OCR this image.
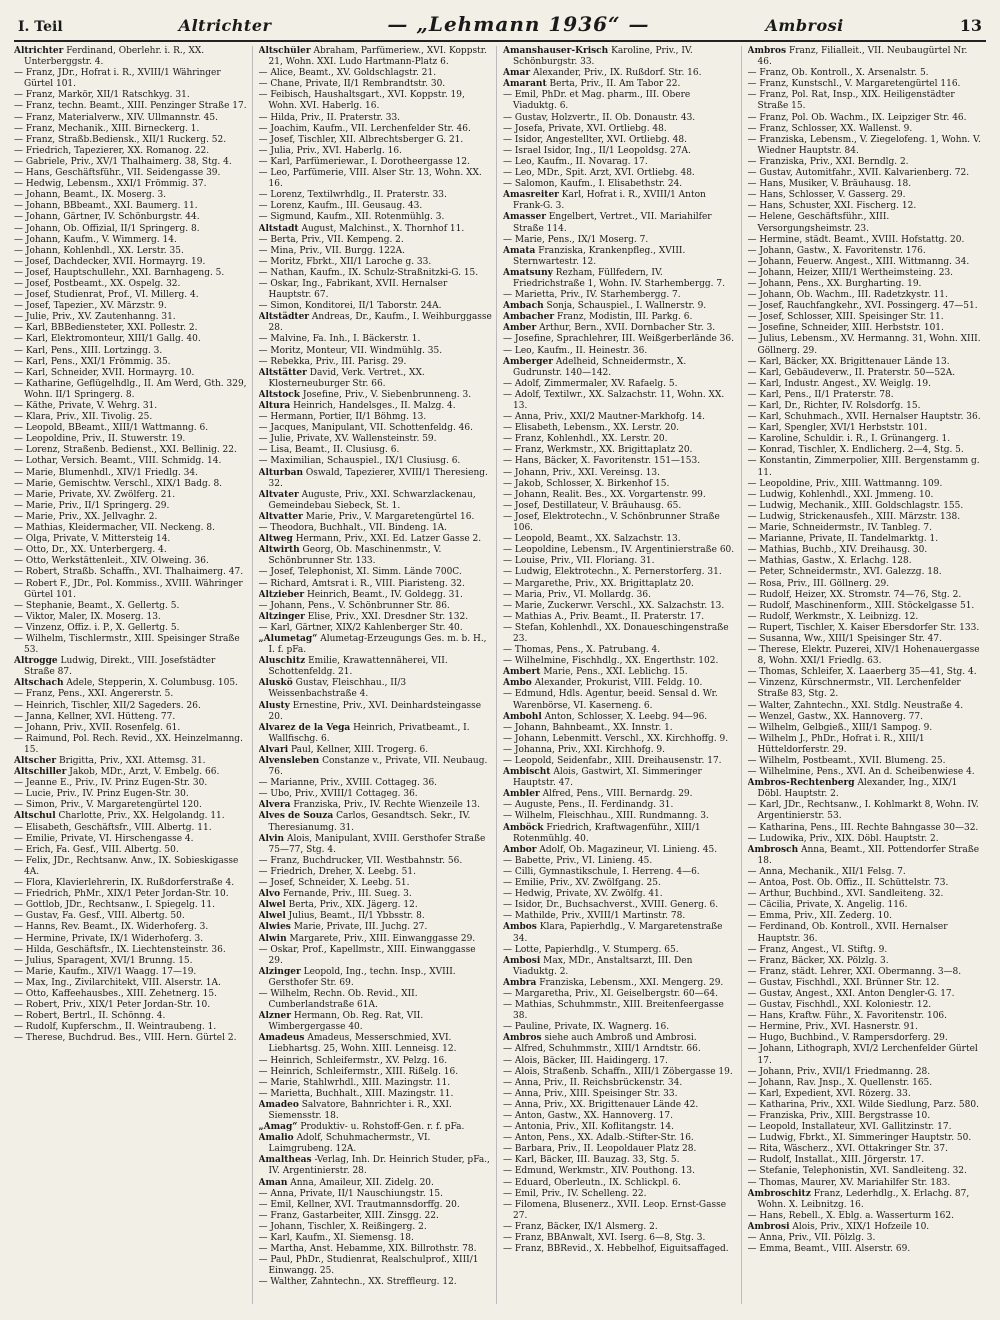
I. Teil	Altrichter	— „Lehmann 1936“ —	Ambrosi	13

Altrichter Ferdinand, Oberlehr. i. R., XX. Unterberggstr. 4.

— Franz, JDr., Hofrat i. R., XVIII/1 Währinger Gürtel 101.

— Franz, Markör, XII/1 Ratschkyg. 31.

— Franz, techn. Beamt., XIII. Penzinger Straße 17.

— Franz, Materialverw., XIV. Ullmannstr. 45.

— Franz, Mechanik., XIII. Birneckerg. 1.

— Franz, Straßb.Bediensk., XII/1 Ruckerg. 52.

— Friedrich, Tapezierer, XX. Romanog. 22.

— Gabriele, Priv., XV/1 Thalhaimerg. 38, Stg. 4.

— Hans, Geschäftsführ., VII. Seidengasse 39.

— Hedwig, Lebensm., XXI/1 Frömmig. 37.

— Johann, Beamt., IX. Moserg. 3.

— Johann, BBbeamt., XXI. Baumerg. 11.

— Johann, Gärtner, IV. Schönburgstr. 44.

— Johann, Ob. Offizial, II/1 Springerg. 8.

— Johann, Kaufm., V. Wimmerg. 14.

— Johann, Kohlenhdl., XX. Lerstr. 35.

— Josef, Dachdecker, XVII. Hormayrg. 19.

— Josef, Hauptschullehr., XXI. Barnhageng. 5.

— Josef, Postbeamt., XX. Ospelg. 32.

— Josef, Studienrat, Prof., VI. Millerg. 4.

— Josef, Tapezier., XV. Märzstr. 9.

— Julie, Priv., XV. Zautenhanng. 31.

— Karl, BBBediensteter, XXI. Pollestr. 2.

— Karl, Elektromonteur, XIII/1 Gallg. 40.

— Karl, Pens., XIII. Lortzingg. 3.

— Karl, Pens., XXI/1 Frömmig. 35.

— Karl, Schneider, XVII. Hormayrg. 10.

— Katharine, Geflügelhdlg., II. Am Werd, Gth. 329, Wohn. II/1 Springerg. 8.

— Käthe, Private, V. Wehrg. 31.

— Klara, Priv., XII. Tivolig. 25.

— Leopold, BBeamt., XIII/1 Wattmanng. 6.

— Leopoldine, Priv., II. Stuwerstr. 19.

— Lorenz, Straßenb. Bedienst., XXI. Bellinig. 22.

— Lothar, Versich. Beamt., VIII. Schmidg. 14.

— Marie, Blumenhdl., XIV/1 Friedlg. 34.

— Marie, Gemischtw. Verschl., XIX/1 Badg. 8.

— Marie, Private, XV. Zwölferg. 21.

— Marie, Priv., II/1 Springerg. 29.

— Marie, Priv., XX. Jellvaghr. 2.

— Mathias, Kleidermacher, VII. Neckeng. 8.

— Olga, Private, V. Mittersteig 14.

— Otto, Dr., XX. Unterbergerg. 4.

— Otto, Werkstättenleit., XIV. Olweing. 36.

— Robert, Straßb. Schaffn., XVI. Thalhaimerg. 47.

— Robert F., JDr., Pol. Kommiss., XVIII. Währinger Gürtel 101.

— Stephanie, Beamt., X. Gellertg. 5.

— Viktor, Maler, IX. Moserg. 13.

— Vinzenz, Offiz. i. P., X. Gellertg. 5.

— Wilhelm, Tischlermstr., XIII. Speisinger Straße 53.

Altrogge Ludwig, Direkt., VIII. Josefstädter Straße 87.

Altschach Adele, Stepperin, X. Columbusg. 105.

— Franz, Pens., XXI. Angererstr. 5.

— Heinrich, Tischler, XII/2 Sageders. 26.

— Janna, Kellner, XVI. Hütteng. 77.

— Johann, Priv., XVII. Rosenfelg. 61.

— Raimund, Pol. Rech. Revid., XX. Heinzelmanng. 15.

Altscher Brigitta, Priv., XXI. Attemsg. 31.

Altschiller Jakob, MDr., Arzt, V. Embelg. 66.

— Jeanne E., Priv., IV. Prinz Eugen-Str. 30.

— Lucie, Priv., IV. Prinz Eugen-Str. 30.

— Simon, Priv., V. Margaretengürtel 120.

Altschul Charlotte, Priv., XX. Helgolandg. 11.

— Elisabeth, Geschäftsfr., VIII. Albertg. 11.

— Emilie, Private, VI. Hirschengasse 4.

— Erich, Fa. Gesf., VIII. Albertg. 50.

— Felix, JDr., Rechtsanw. Anw., IX. Sobieskigasse 4A.

— Flora, Klavierlehrerin, IX. Rußdorferstraße 4.

— Friedrich, PhMr., XIX/1 Peter Jordan-Str. 10.

— Gottlob, JDr., Rechtsanw., I. Spiegelg. 11.

— Gustav, Fa. Gesf., VIII. Albertg. 50.

— Hanns, Rev. Beamt., IX. Widerhoferg. 3.

— Hermine, Private, IX/1 Widerhoferg. 3.

— Hilda, Geschäftsfr., IX. Liechtensteinstr. 36.

— Julius, Sparagent, XVI/1 Brunng. 15.

— Marie, Kaufm., XIV/1 Waagg. 17—19.

— Max, Ing., Zivilarchitekt, VIII. Alserstr. 1A.

— Otto, Kaffeehausbes., XIII. Zehetnerg. 15.

— Robert, Priv., XIX/1 Peter Jordan-Str. 10.

— Robert, Bertrl., II. Schönng. 4.

— Rudolf, Kupferschm., II. Weintraubeng. 1.

— Therese, Buchdrud. Bes., VIII. Hern. Gürtel 2.

Altschüler Abraham, Parfümeriew., XVI. Koppstr. 21, Wohn. XXI. Ludo Hartmann-Platz 6.

— Alice, Beamt., XV. Goldschlagstr. 21.

— Chane, Private, II/1 Rembrandtstr. 30.

— Feibisch, Haushaltsgart., XVI. Koppstr. 19, Wohn. XVI. Haberlg. 16.

— Hilda, Priv., II. Praterstr. 33.

— Joachim, Kaufm., VII. Lerchenfelder Str. 46.

— Josef, Tischler, XII. Albrechtsberger G. 21.

— Julia, Priv., XVI. Haberlg. 16.

— Karl, Parfümeriewar., I. Dorotheergasse 12.

— Leo, Parfümerie, VIII. Alser Str. 13, Wohn. XX. 16.

— Lorenz, Textilwrhdlg., II. Praterstr. 33.

— Lorenz, Kaufm., III. Geusaug. 43.

— Sigmund, Kaufm., XII. Rotenmühlg. 3.

Altstadt August, Malchinst., X. Thornhof 11.

— Berta, Priv., VII. Kempeng. 2.

— Mina, Priv., VII. Burgg. 122A.

— Moritz, Fbrkt., XII/1 Laroche g. 33.

— Nathan, Kaufm., IX. Schulz-Straßnitzki-G. 15.

— Oskar, Ing., Fabrikant, XVII. Hernalser Hauptstr. 67.

— Simon, Konditorei, II/1 Taborstr. 24A.

Altstädter Andreas, Dr., Kaufm., I. Weihburggasse 28.

— Malvine, Fa. Inh., I. Bäckerstr. 1.

— Moritz, Monteur, VII. Windmühlg. 35.

— Rebekka, Priv., III. Parisg. 29.

Altstätter David, Verk. Vertret., XX. Klosterneuburger Str. 66.

Altstock Josefine, Priv., V. Siebenbrunneng. 3.

Altura Heinrich, Handelsges., II. Malzg. 4.

— Hermann, Portier, II/1 Böhmg. 13.

— Jacques, Manipulant, VII. Schottenfeldg. 46.

— Julie, Private, XV. Wallensteinstr. 59.

— Lisa, Beamt., II. Clusiusg. 6.

— Maximilian, Schauspiel., IX/1 Clusiusg. 6.

Alturban Oswald, Tapezierer, XVIII/1 Theresieng. 32.

Altvater Auguste, Priv., XXI. Schwarzlackenau, Gemeindebau Siebeck, St. 1.

Altvatter Marie, Priv., V. Margaretengürtel 16.

— Theodora, Buchhalt., VII. Bindeng. 1A.

Altweg Hermann, Priv., XXI. Ed. Latzer Gasse 2.

Altwirth Georg, Ob. Maschinenmstr., V. Schönbrunner Str. 133.

— Josef, Telephonist, XI. Simm. Lände 700C.

— Richard, Amtsrat i. R., VIII. Piaristeng. 32.

Altzieber Heinrich, Beamt., IV. Goldegg. 31.

— Johann, Pens., V. Schönbrunner Str. 86.

Altzinger Elise, Priv., XXI. Dresdner Str. 132.

— Karl, Gärtner, XIX/2 Kahlenberger Str. 40.

„Alumetag“ Alumetag-Erzeugungs Ges. m. b. H., I. f. pFa.

Aluschitz Emilie, Krawattennäherei, VII. Schottenfeldg. 21.

Aluskö Gustav, Fleischhau., II/3 Weissenbachstraße 4.

Alusty Ernestine, Priv., XVI. Deinhardsteingasse 20.

Alvarez de la Vega Heinrich, Privatbeamt., I. Wallfischg. 6.

Alvari Paul, Kellner, XIII. Trogerg. 6.

Alvensleben Constanze v., Private, VII. Neubaug. 76.

— Marianne, Priv., XVIII. Cottageg. 36.

— Ubo, Priv., XVIII/1 Cottageg. 36.

Alvera Franziska, Priv., IV. Rechte Wienzeile 13.

Alves de Souza Carlos, Gesandtsch. Sekr., IV. Theresianumg. 31.

Alvin Alois, Manipulant, XVIII. Gersthofer Straße 75—77, Stg. 4.

— Franz, Buchdrucker, VII. Westbahnstr. 56.

— Friedrich, Dreher, X. Leebg. 51.

— Josef, Schneider, X. Leebg. 51.

Alvo Fernande, Priv., III. Sueg. 3.

Alwel Berta, Priv., XIX. Jägerg. 12.

Alwel Julius, Beamt., II/1 Ybbsstr. 8.

Alwies Marie, Private, III. Juchg. 27.

Alwin Margarete, Priv., XIII. Einwanggasse 29.

— Oskar, Prof., Kapellmstr., XIII. Einwanggasse 29.

Alzinger Leopold, Ing., techn. Insp., XVIII. Gersthofer Str. 69.

— Wilhelm, Rechn. Ob. Revid., XII. Cumberlandstraße 61A.

Alzner Hermann, Ob. Reg. Rat, VII. Wimbergergasse 40.

Amadeus Amadeus, Messerschmied, XVI. Liebhartsg. 25, Wohn. XIII. Lenneisg. 12.

— Heinrich, Schleifermstr., XV. Pelzg. 16.

— Heinrich, Schleifermstr., XIII. Rißelg. 16.

— Marie, Stahlwrhdl., XIII. Mazingstr. 11.

— Marietta, Buchhalt., XIII. Mazingstr. 11.

Amadeo Salvatore, Bahnrichter i. R., XXI. Siemensstr. 18.

„Amag“ Produktiv- u. Rohstoff-Gen. r. f. pFa.

Amalio Adolf, Schuhmachermstr., VI. Laimgrubeng. 12A.

Amaltheas -Verlag, Inh. Dr. Heinrich Studer, pFa., IV. Argentinierstr. 28.

Aman Anna, Amaileur, XII. Zidelg. 20.

— Anna, Private, II/1 Nauschiungstr. 15.

— Emil, Kellner, XVI. Trautmannsdorffg. 20.

— Franz, Gastarbeiter, XIII. Zinsgg. 22.

— Johann, Tischler, X. Reißingerg. 2.

— Karl, Kaufm., XI. Siemensg. 18.

— Martha, Anst. Hebamme, XIX. Billrothstr. 78.

— Paul, PhDr., Studienrat, Realschulprof., XIII/1 Einwangg. 25.

— Walther, Zahntechn., XX. Streffleurg. 12.

Amanshauser-Krisch Karoline, Priv., IV. Schönburgstr. 33.

Amar Alexander, Priv., IX. Rußdorf. Str. 16.

Amarant Berta, Priv., II. Am Tabor 22.

— Emil, PhDr. et Mag. pharm., III. Obere Viaduktg. 6.

— Gustav, Holzvertr., II. Ob. Donaustr. 43.

— Josefa, Private, XVI. Ortliebg. 48.

— Isidor, Angestellter, XVI. Ortliebg. 48.

— Israel Isidor, Ing., II/1 Leopoldsg. 27A.

— Leo, Kaufm., II. Novarag. 17.

— Leo, MDr., Spit. Arzt, XVI. Ortliebg. 48.

— Salomon, Kaufm., I. Elisabethstr. 24.

Amasreiter Karl, Hofrat i. R., XVIII/1 Anton Frank-G. 3.

Amasser Engelbert, Vertret., VII. Mariahilfer Straße 114.

— Marie, Pens., IX/1 Moserg. 7.

Amata Franziska, Krankenpfleg., XVIII. Sternwartestr. 12.

Amatsuny Rezham, Füllfedern, IV. Friedrichstraße 1, Wohn. IV. Starhembergg. 7.

— Marietta, Priv., IV. Starhembergg. 7.

Ambach Sonja, Schauspiel., I. Wallnerstr. 9.

Ambacher Franz, Modistin, III. Parkg. 6.

Amber Arthur, Bern., XVII. Dornbacher Str. 3.

— Josefine, Sprachlehrer, III. Weißgerberlände 36.

— Leo, Kaufm., II. Heinestr. 36.

Amberger Adelheid, Schneidermstr., X. Gudrunstr. 140—142.

— Adolf, Zimmermaler, XV. Rafaelg. 5.

— Adolf, Textilwr., XX. Salzachstr. 11, Wohn. XX. 13.

— Anna, Priv., XXI/2 Mautner-Markhofg. 14.

— Elisabeth, Lebensm., XX. Lerstr. 20.

— Franz, Kohlenhdl., XX. Lerstr. 20.

— Franz, Werkmstr., XX. Brigittaplatz 20.

— Hans, Bäcker, X. Favoritenstr. 151—153.

— Johann, Priv., XXI. Vereinsg. 13.

— Jakob, Schlosser, X. Birkenhof 15.

— Johann, Realit. Bes., XX. Vorgartenstr. 99.

— Josef, Destillateur, V. Bräuhausg. 65.

— Josef, Elektrotechn., V. Schönbrunner Straße 106.

— Leopold, Beamt., XX. Salzachstr. 13.

— Leopoldine, Lebensm., IV. Argentinierstraße 60.

— Louise, Priv., VII. Floriang. 31.

— Ludwig, Elektrotechn., X. Pernerstorferg. 31.

— Margarethe, Priv., XX. Brigittaplatz 20.

— Maria, Priv., VI. Mollardg. 36.

— Marie, Zuckerwr. Verschl., XX. Salzachstr. 13.

— Mathias A., Priv. Beamt., II. Praterstr. 17.

— Stefan, Kohlenhdl., XX. Donaueschingenstraße 23.

— Thomas, Pens., X. Patrubang. 4.

— Wilhelmine, Fischhdlg., XX. Engerthstr. 102.

Ambert Marie, Pens., XXI. Leblichg. 15.

Ambo Alexander, Prokurist, VIII. Feldg. 10.

— Edmund, Hdls. Agentur, beeid. Sensal d. Wr. Warenbörse, VI. Kaserneng. 6.

Ambohl Anton, Schlosser, X. Leebg. 94—96.

— Johann, Bahnbeamt., XX. Innstr. 1.

— Johann, Lebenmitt. Verschl., XX. Kirchhoffg. 9.

— Johanna, Priv., XXI. Kirchhofg. 9.

— Leopold, Seidenfabr., XIII. Dreihausenstr. 17.

Ambischt Alois, Gastwirt, XI. Simmeringer Hauptstr. 47.

Ambler Alfred, Pens., VIII. Bernardg. 29.

— Auguste, Pens., II. Ferdinandg. 31.

— Wilhelm, Fleischhau., XIII. Rundmanng. 3.

Amböck Friedrich, Kraftwagenführ., XIII/1 Rotenmühlg. 40.

Ambor Adolf, Ob. Magazineur, VI. Linieng. 45.

— Babette, Priv., VI. Linieng. 45.

— Cilli, Gymnastikschule, I. Herreng. 4—6.

— Emilie, Priv., XV. Zwölfgang. 25.

— Hedwig, Private, XV. Zwölfg. 41.

— Isidor, Dr., Buchsachverst., XVIII. Generg. 6.

— Mathilde, Priv., XVIII/1 Martinstr. 78.

Ambos Klara, Papierhdlg., V. Margaretenstraße 34.

— Lotte, Papierhdlg., V. Stumperg. 65.

Ambosi Max, MDr., Anstaltsarzt, III. Den Viaduktg. 2.

Ambra Franziska, Lebensm., XXI. Mengerg. 29.

— Margaretha, Priv., XI. Geiselbergstr. 60—64.

— Mathias, Schuhmmstr., XIII. Breitenfeergasse 38.

— Pauline, Private, IX. Wagnerg. 16.

Ambros siehe auch Ambroß und Ambrosi.

— Alfred, Schuhmmstr., XIII/1 Arndtstr. 66.

— Alois, Bäcker, III. Haidingerg. 17.

— Alois, Straßenb. Schaffn., XIII/1 Zöbergasse 19.

— Anna, Priv., II. Reichsbrückenstr. 34.

— Anna, Priv., XIII. Speisinger Str. 33.

— Anna, Priv., XX. Brigittenauer Lände 42.

— Anton, Gastw., XX. Hannoverg. 17.

— Antonia, Priv., XII. Koflitangstr. 14.

— Anton, Pens., XX. Adalb.-Stifter-Str. 16.

— Barbara, Priv., II. Leopoldauer Platz 28.

— Karl, Bäcker, III. Bauzag. 33, Stg. 5.

— Edmund, Werkmstr., XIV. Pouthong. 13.

— Eduard, Oberleutn., IX. Schlickpl. 6.

— Emil, Priv., IV. Schelleng. 22.

— Filomena, Blusenerz., XVII. Leop. Ernst-Gasse 27.

— Franz, Bäcker, IX/1 Alsmerg. 2.

— Franz, BBAnwalt, XVI. Iserg. 6—8, Stg. 3.

— Franz, BBRevid., X. Hebbelhof, Eiguitsaffaged.

Ambros Franz, Filialleit., VII. Neubaugürtel Nr. 46.

— Franz, Ob. Kontroll., X. Arsenalstr. 5.

— Franz, Kunstschl., V. Margaretengürtel 116.

— Franz, Pol. Rat, Insp., XIX. Heiligenstädter Straße 15.

— Franz, Pol. Ob. Wachm., IX. Leipziger Str. 46.

— Franz, Schlosser, XX. Wallenst. 9.

— Franziska, Lebensm., V. Ziegelofeng. 1, Wohn. V. Wiedner Hauptstr. 84.

— Franziska, Priv., XXI. Berndlg. 2.

— Gustav, Automitfahr., XVII. Kalvarienberg. 72.

— Hans, Musiker, V. Bräuhausg. 18.

— Hans, Schlosser, V. Gasserg. 29.

— Hans, Schuster, XXI. Fischerg. 12.

— Helene, Geschäftsführ., XIII. Versorgungsheimstr. 23.

— Hermine, städt. Beamt., XVIII. Hofstattg. 20.

— Johann, Gastw., X. Favoritenstr. 176.

— Johann, Feuerw. Angest., XIII. Wittmanng. 34.

— Johann, Heizer, XIII/1 Wertheimsteing. 23.

— Johann, Pens., XX. Burgharting. 19.

— Johann, Ob. Wachm., III. Radetzkystr. 11.

— Josef, Rauchfangkehr., XVI. Possingerg. 47—51.

— Josef, Schlosser, XIII. Speisinger Str. 11.

— Josefine, Schneider, XIII. Herbststr. 101.

— Julius, Lebensm., XV. Hermanng. 31, Wohn. XIII. Göllnerg. 29.

— Karl, Bäcker, XX. Brigittenauer Lände 13.

— Karl, Gebäudeverw., II. Praterstr. 50—52A.

— Karl, Industr. Angest., XV. Weiglg. 19.

— Karl, Pens., II/1 Praterstr. 78.

— Karl, Dr., Richter, IV. Rolsdorfg. 15.

— Karl, Schuhmach., XVII. Hernalser Hauptstr. 36.

— Karl, Spengler, XVI/1 Herbststr. 101.

— Karoline, Schuldir. i. R., I. Grünangerg. 1.

— Konrad, Tischler, X. Endlicherg. 2—4, Stg. 5.

— Konstantin, Zimmerpolier, XIII. Bergenstamm g. 11.

— Leopoldine, Priv., XIII. Wattmanng. 109.

— Ludwig, Kohlenhdl., XXI. Jmmeng. 10.

— Ludwig, Mechanik., XIII. Goldschlagstr. 155.

— Ludwig, Strickenausfeh., XIII. Märzstr. 138.

— Marie, Schneidermstr., IV. Tanbleg. 7.

— Marianne, Private, II. Tandelmarktg. 1.

— Mathias, Buchb., XIV. Dreihausg. 30.

— Mathias, Gastw., X. Erlachg. 128.

— Peter, Schneidermstr., XVI. Galezzg. 18.

— Rosa, Priv., III. Göllnerg. 29.

— Rudolf, Heizer, XX. Stromstr. 74—76, Stg. 2.

— Rudolf, Maschinenform., XIII. Stöckelgasse 51.

— Rudolf, Werkmstr., X. Leibnizg. 12.

— Rupert, Tischler, X. Kaiser Ebersdorfer Str. 133.

— Susanna, Ww., XIII/1 Speisinger Str. 47.

— Therese, Elektr. Puzerei, XIV/1 Hohenauergasse 8, Wohn. XXI/1 Friedlg. 63.

— Thomas, Schleifer, X. Laaerberg 35—41, Stg. 4.

— Vinzenz, Kürschnermstr., VII. Lerchenfelder Straße 83, Stg. 2.

— Walter, Zahntechn., XXI. Stdlg. Neustraße 4.

— Wenzel, Gastw., XX. Hannoverg. 77.

— Wilhelm, Gelbgieß., XIII/1 Sampog. 9.

— Wilhelm J., PhDr., Hofrat i. R., XIII/1 Hütteldorferstr. 29.

— Wilhelm, Postbeamt., XVII. Blumeng. 25.

— Wilhelmine, Pens., XVI. An d. Scheibenwiese 4.

Ambros-Rechtenberg Alexander, Ing., XIX/1 Döbl. Hauptstr. 2.

— Karl, JDr., Rechtsanw., I. Kohlmarkt 8, Wohn. IV. Argentinierstr. 53.

— Katharina, Pens., III. Rechte Bahngasse 30—32.

— Ludowika, Priv., XIX. Döbl. Hauptstr. 2.

Ambrosch Anna, Beamt., XII. Pottendorfer Straße 18.

— Anna, Mechanik., XII/1 Felsg. 7.

— Antoa, Post. Ob. Offiz., II. Schüttelstr. 73.

— Arthur, Buchbind., XVI. Sandleiteng. 32.

— Cäcilia, Private, X. Angelig. 116.

— Emma, Priv., XII. Zederg. 10.

— Ferdinand, Ob. Kontroll., XVII. Hernalser Hauptstr. 36.

— Franz, Angest., VI. Stiftg. 9.

— Franz, Bäcker, XX. Pölzlg. 3.

— Franz, städt. Lehrer, XXI. Obermanng. 3—8.

— Gustav, Fischhdl., XXI. Brünner Str. 12.

— Gustav, Angest., XXI. Anton Dengler-G. 17.

— Gustav, Fischhdl., XXI. Koloniestr. 12.

— Hans, Kraftw. Führ., X. Favoritenstr. 106.

— Hermine, Priv., XVI. Hasnerstr. 91.

— Hugo, Buchbind., V. Rampersdorferg. 29.

— Johann, Lithograph, XVI/2 Lerchenfelder Gürtel 17.

— Johann, Priv., XVII/1 Friedmanng. 28.

— Johann, Rav. Jnsp., X. Quellenstr. 165.

— Karl, Expedient, XVI. Rözerg. 33.

— Katharina, Priv., XXI. Wilde Siedlung, Parz. 580.

— Franziska, Priv., XIII. Bergstrasse 10.

— Leopold, Installateur, XVI. Gallitzinstr. 17.

— Ludwig, Fbrkt., XI. Simmeringer Hauptstr. 50.

— Rita, Wäscherz., XVI. Ottakringer Str. 37.

— Rudolf, Installat., XIII. Jörgerstr. 17.

— Stefanie, Telephonistin, XVI. Sandleiteng. 32.

— Thomas, Maurer, XV. Mariahilfer Str. 183.

Ambroschitz Franz, Lederhdlg., X. Erlachg. 87, Wohn. X. Leibnitzg. 16.

— Hans, Rebell., X. Eblg. a. Wasserturm 162.

Ambrosi Alois, Priv., XIX/1 Hofzeile 10.

— Anna, Priv., VII. Pölzlg. 3.

— Emma, Beamt., VIII. Alserstr. 69.
